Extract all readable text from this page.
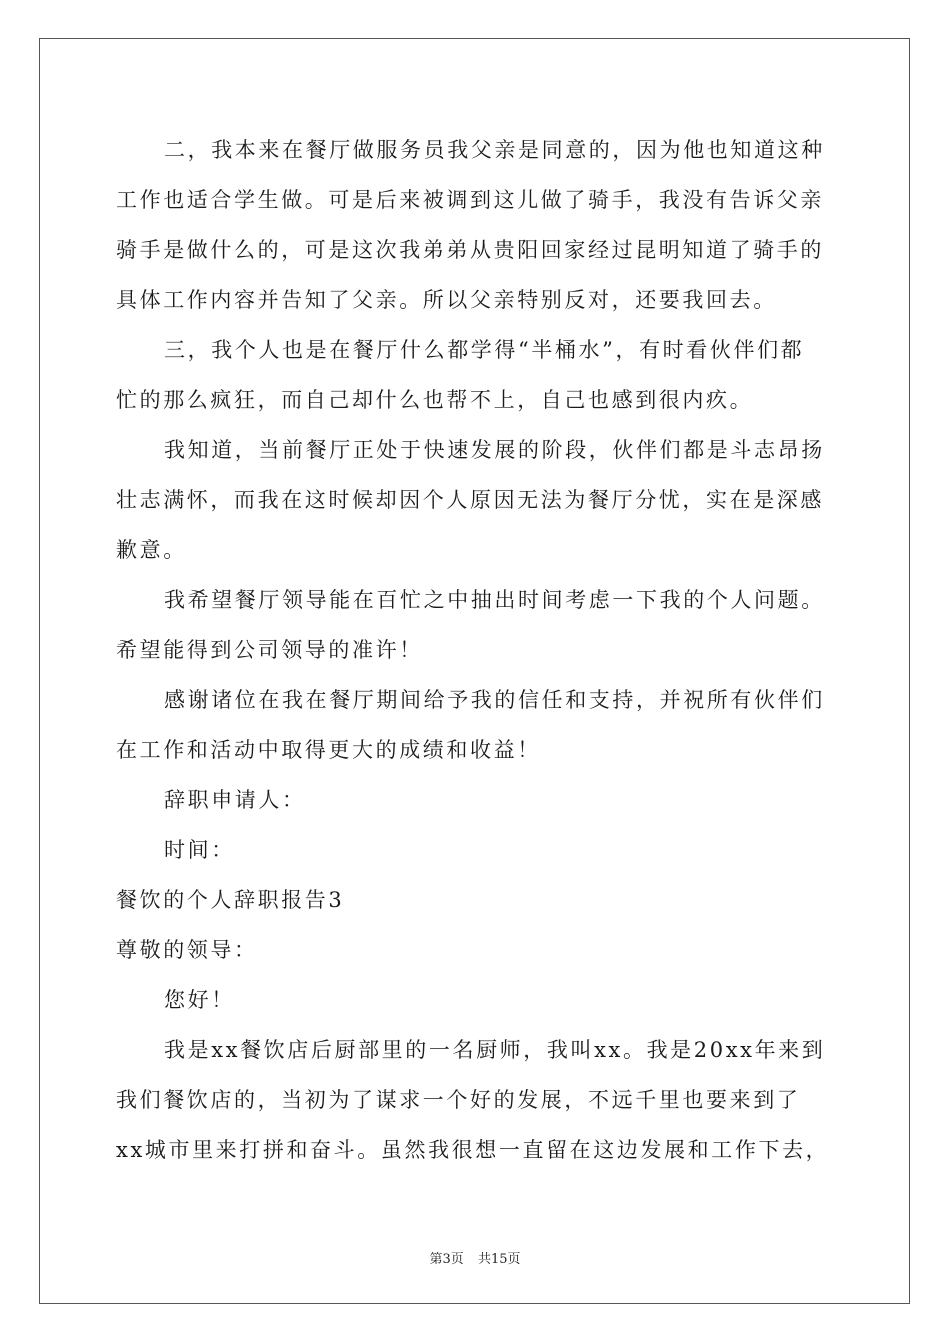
二，我本来在餐厅做服务员我父亲是同意的，因为他也知道这种
工作也适合学生做。可是后来被调到这儿做了骑手，我没有告诉父亲
骑手是做什么的，可是这次我弟弟从贵阳回家经过昆明知道了骑手的
具体工作内容并告知了父亲。所以父亲特别反对，还要我回去。
三，我个人也是在餐厅什么都学得“半桶水”，有时看伙伴们都
忙的那么疯狂，而自己却什么也帮不上，自己也感到很内疚。
我知道，当前餐厅正处于快速发展的阶段，伙伴们都是斗志昂扬
壮志满怀，而我在这时候却因个人原因无法为餐厅分忧，实在是深感
歉意。
我希望餐厅领导能在百忙之中抽出时间考虑一下我的个人问题。
希望能得到公司领导的准许！
感谢诸位在我在餐厅期间给予我的信任和支持，并祝所有伙伴们
在工作和活动中取得更大的成绩和收益！
辞职申请人：
时间：
餐饮的个人辞职报告3
尊敬的领导：
您好！
我是xx餐饮店后厨部里的一名厨师，我叫xx。我是20xx年来到
我们餐饮店的，当初为了谋求一个好的发展，不远千里也要来到了
xx城市里来打拼和奋斗。虽然我很想一直留在这边发展和工作下去，
第3页 共15页
